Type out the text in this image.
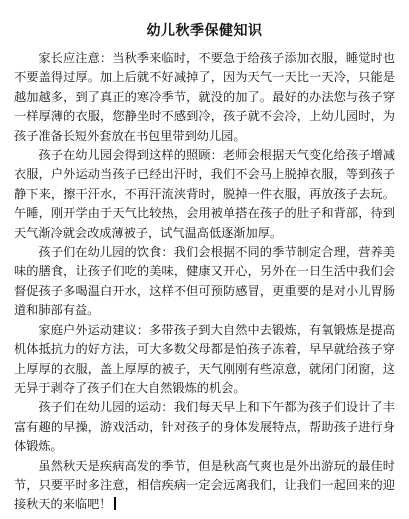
幼儿秋季保健知识

家长应注意：当秋季来临时，不要急于给孩子添加衣服，睡觉时也不要盖得过厚。加上后就不好减掉了，因为天气一天比一天冷，只能是越加越多，到了真正的寒冷季节，就没的加了。最好的办法您与孩子穿一样厚薄的衣服，您静坐时不感到冷，孩子就不会冷，上幼儿园时，为孩子准备长短外套放在书包里带到幼儿园。

孩子在幼儿园会得到这样的照顾：老师会根据天气变化给孩子增减衣服，户外运动当孩子已经出汗时，我们不会马上脱掉衣服，等到孩子静下来，擦干汗水，不再汗流浃背时，脱掉一件衣服，再放孩子去玩。午睡，刚开学由于天气比较热，会用被单搭在孩子的肚子和背部，待到天气渐冷就会改成薄被子，试气温高低逐渐加厚。

孩子们在幼儿园的饮食：我们会根据不同的季节制定合理，营养美味的膳食，让孩子们吃的美味，健康又开心，另外在一日生活中我们会督促孩子多喝温白开水，这样不但可预防感冒，更重要的是对小儿胃肠道和肺部有益。

家庭户外运动建议：多带孩子到大自然中去锻炼，有氧锻炼是提高机体抵抗力的好方法，可大多数父母都是怕孩子冻着，早早就给孩子穿上厚厚的衣服，盖上厚厚的被子，天气刚刚有些凉意，就闭门闭窗，这无异于剥夺了孩子们在大自然锻炼的机会。

孩子们在幼儿园的运动：我们每天早上和下午都为孩子们设计了丰富有趣的早操，游戏活动，针对孩子的身体发展特点，帮助孩子进行身体锻炼。

虽然秋天是疾病高发的季节，但是秋高气爽也是外出游玩的最佳时节，只要平时多注意，相信疾病一定会远离我们，让我们一起回来的迎接秋天的来临吧！
